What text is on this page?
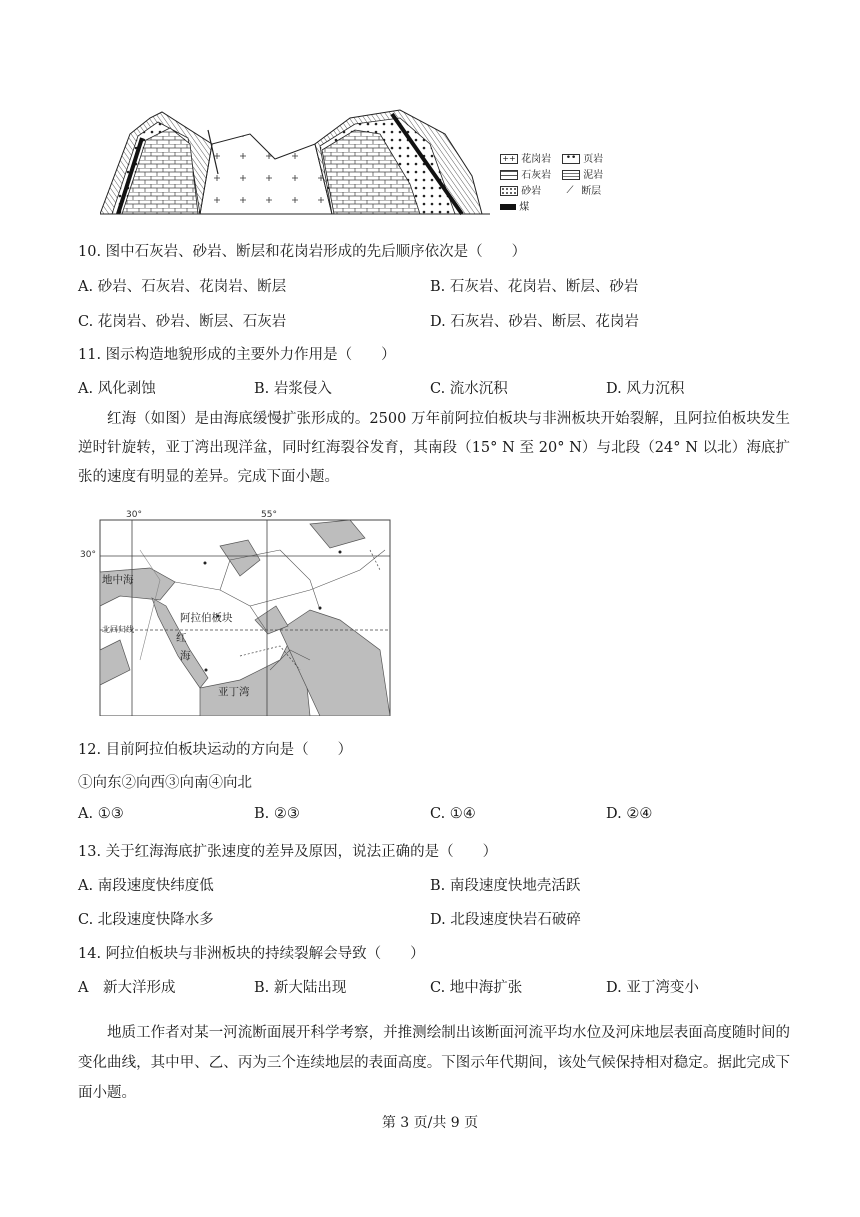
++ 花岗岩	•• 页岩
石灰岩	泥岩
砂岩	⟋ 断层
煤
10. 图中石灰岩、砂岩、断层和花岗岩形成的先后顺序依次是（　　）
A. 砂岩、石灰岩、花岗岩、断层	B. 石灰岩、花岗岩、断层、砂岩
C. 花岗岩、砂岩、断层、石灰岩	D. 石灰岩、砂岩、断层、花岗岩
11. 图示构造地貌形成的主要外力作用是（　　）
A. 风化剥蚀	B. 岩浆侵入	C. 流水沉积	D. 风力沉积
红海（如图）是由海底缓慢扩张形成的。2500 万年前阿拉伯板块与非洲板块开始裂解，且阿拉伯板块发生逆时针旋转，亚丁湾出现洋盆，同时红海裂谷发育，其南段（15° N 至 20° N）与北段（24° N 以北）海底扩张的速度有明显的差异。完成下面小题。
30°	55°
30°
地中海
阿拉伯板块
北回归线
红
海
亚丁湾
12. 目前阿拉伯板块运动的方向是（　　）
①向东②向西③向南④向北
A. ①③	B. ②③	C. ①④	D. ②④
13. 关于红海海底扩张速度的差异及原因，说法正确的是（　　）
A. 南段速度快纬度低	B. 南段速度快地壳活跃
C. 北段速度快降水多	D. 北段速度快岩石破碎
14. 阿拉伯板块与非洲板块的持续裂解会导致（　　）
A　新大洋形成	B. 新大陆出现	C. 地中海扩张	D. 亚丁湾变小
地质工作者对某一河流断面展开科学考察，并推测绘制出该断面河流平均水位及河床地层表面高度随时间的变化曲线，其中甲、乙、丙为三个连续地层的表面高度。下图示年代期间，该处气候保持相对稳定。据此完成下面小题。
第 3 页/共 9 页
